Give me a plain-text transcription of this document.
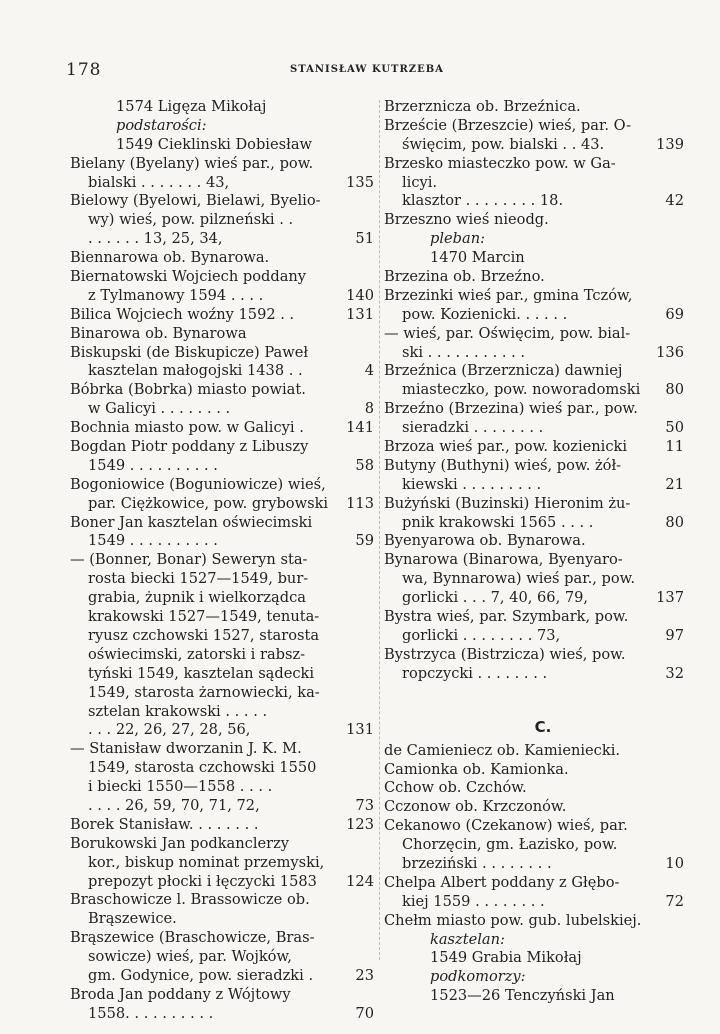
178	STANISŁAW KUTRZEBA
1574 Ligęza Mikołaj
podstarości:
1549 Cieklinski Dobiesław
Bielany (Byelany) wieś par., pow.
bialski . . . . . . . 43,	135
Bielowy (Byelowi, Bielawi, Byelio-
wy) wieś, pow. pilzneński . .
. . . . . . 13, 25, 34,	51
Biennarowa ob. Bynarowa.
Biernatowski Wojciech poddany
z Tylmanowy 1594 . . . .	140
Bilica Wojciech woźny 1592 . .	131
Binarowa ob. Bynarowa
Biskupski (de Biskupicze) Paweł
kasztelan małogojski 1438 . .	4
Bóbrka (Bobrka) miasto powiat.
w Galicyi . . . . . . . .	8
Bochnia miasto pow. w Galicyi .	141
Bogdan Piotr poddany z Libuszy
1549 . . . . . . . . . .	58
Bogoniowice (Boguniowicze) wieś,
par. Ciężkowice, pow. grybowski 113
Boner Jan kasztelan oświecimski
1549 . . . . . . . . . .	59
— (Bonner, Bonar) Seweryn sta-
rosta biecki 1527—1549, bur-
grabia, żupnik i wielkorządca
krakowski 1527—1549, tenuta-
ryusz czchowski 1527, starosta
oświecimski, zatorski i rabsz-
tyński 1549, kasztelan sądecki
1549, starosta żarnowiecki, ka-
sztelan krakowski . . . . .
. . . 22, 26, 27, 28, 56,	131
— Stanisław dworzanin J. K. M.
1549, starosta czchowski 1550
i biecki 1550—1558 . . . .
. . . . 26, 59, 70, 71, 72,	73
Borek Stanisław. . . . . . . .	123
Borukowski Jan podkanclerzy
kor., biskup nominat przemyski,
prepozyt płocki i łęczycki 1583 124
Braschowicze l. Brassowicze ob.
Brąszewice.
Brąszewice (Braschowicze, Bras-
sowicze) wieś, par. Wojków,
gm. Godynice, pow. sieradzki .	23
Broda Jan poddany z Wójtowy
1558. . . . . . . . . .	70
Brzerznicza ob. Brzeźnica.
Brzeście (Brzeszcie) wieś, par. O-
święcim, pow. bialski . . 43.	139
Brzesko miasteczko pow. w Ga-
licyi.
klasztor . . . . . . . . 18.	42
Brzeszno wieś nieodg.
pleban:
1470 Marcin
Brzezina ob. Brzeźno.
Brzezinki wieś par., gmina Tczów,
pow. Kozienicki. . . . . .	69
— wieś, par. Oświęcim, pow. bial-
ski . . . . . . . . . . .	136
Brzeźnica (Brzerznicza) dawniej
miasteczko, pow. noworadomski 80
Brzeźno (Brzezina) wieś par., pow.
sieradzki . . . . . . . .	50
Brzoza wieś par., pow. kozienicki	11
Butyny (Buthyni) wieś, pow. żół-
kiewski . . . . . . . . .	21
Bużyński (Buzinski) Hieronim żu-
pnik krakowski 1565 . . . .	80
Byenyarowa ob. Bynarowa.
Bynarowa (Binarowa, Byenyaro-
wa, Bynnarowa) wieś par., pow.
gorlicki . . . 7, 40, 66, 79,	137
Bystra wieś, par. Szymbark, pow.
gorlicki . . . . . . . . 73,	97
Bystrzyca (Bistrzicza) wieś, pow.
ropczycki . . . . . . . .	32
C.
de Camieniecz ob. Kamieniecki.
Camionka ob. Kamionka.
Cchow ob. Czchów.
Cczonow ob. Krzczonów.
Cekanowo (Czekanow) wieś, par.
Chorzęcin, gm. Łazisko, pow.
brzeziński . . . . . . . .	10
Chelpa Albert poddany z Głębo-
kiej 1559 . . . . . . . .	72
Chełm miasto pow. gub. lubelskiej.
kasztelan:
1549 Grabia Mikołaj
podkomorzy:
1523—26 Tenczyński Jan
